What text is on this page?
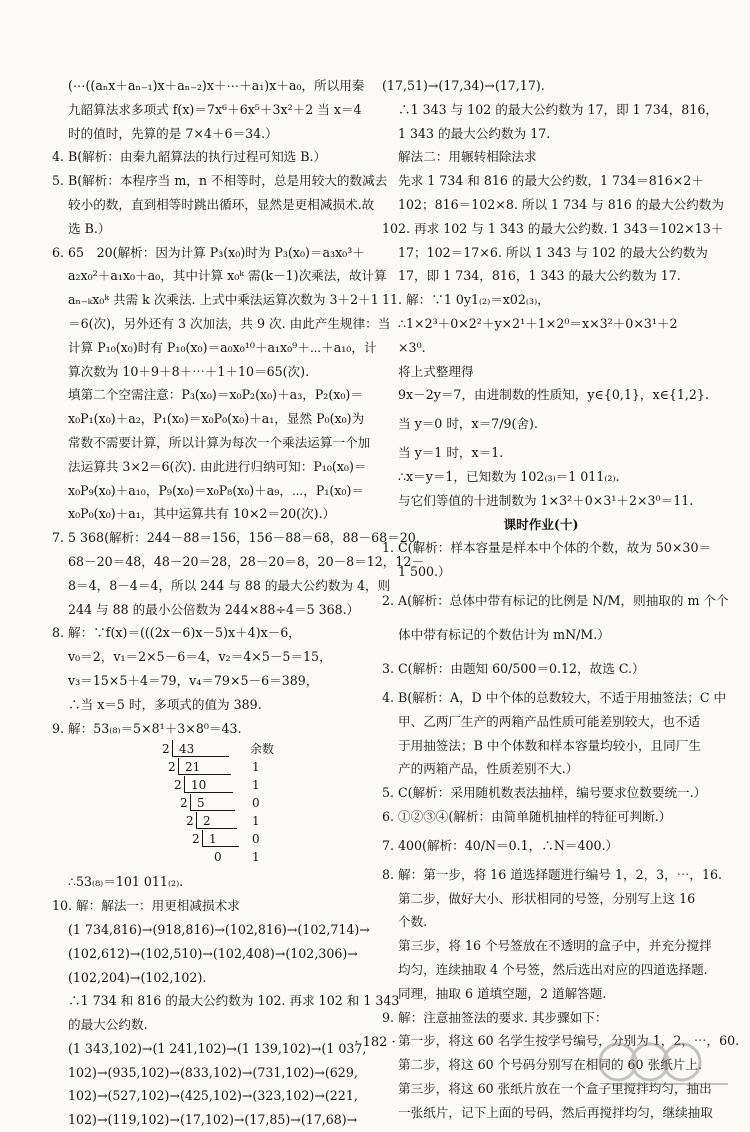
(⋯((aₙx＋aₙ₋₁)x＋aₙ₋₂)x＋⋯＋a₁)x＋a₀，所以用秦
九韶算法求多项式 f(x)＝7x⁶＋6x⁵＋3x²＋2 当 x＝4
时的值时，先算的是 7×4＋6＝34.）
4. B(解析：由秦九韶算法的执行过程可知选 B.）
5. B(解析：本程序当 m，n 不相等时，总是用较大的数减去
较小的数，直到相等时跳出循环，显然是更相减损术.故
选 B.）
6. 65　20(解析：因为计算 P₃(x₀)时为 P₃(x₀)＝a₃x₀³＋
a₂x₀²＋a₁x₀＋a₀，其中计算 x₀ᵏ 需(k－1)次乘法，故计算
aₙ₋ₖx₀ᵏ 共需 k 次乘法. 上式中乘法运算次数为 3＋2＋1
＝6(次)，另外还有 3 次加法，共 9 次. 由此产生规律：当
计算 P₁₀(x₀)时有 P₁₀(x₀)＝a₀x₀¹⁰＋a₁x₀⁹＋⋯＋a₁₀，计
算次数为 10＋9＋8＋⋯＋1＋10＝65(次).
填第二个空需注意：P₃(x₀)＝x₀P₂(x₀)＋a₃，P₂(x₀)＝
x₀P₁(x₀)＋a₂，P₁(x₀)＝x₀P₀(x₀)＋a₁，显然 P₀(x₀)为
常数不需要计算，所以计算为每次一个乘法运算一个加
法运算共 3×2＝6(次). 由此进行归纳可知：P₁₀(x₀)＝
x₀P₉(x₀)＋a₁₀，P₉(x₀)＝x₀P₈(x₀)＋a₉，⋯，P₁(x₀)＝
x₀P₀(x₀)＋a₁，其中运算共有 10×2＝20(次).）
7. 5 368(解析：244－88＝156，156－88＝68，88－68＝20，
68－20＝48，48－20＝28，28－20＝8，20－8＝12，12－
8＝4，8－4＝4，所以 244 与 88 的最大公约数为 4，则
244 与 88 的最小公倍数为 244×88÷4＝5 368.）
8. 解：∵f(x)＝(((2x－6)x－5)x＋4)x－6，
v₀＝2，v₁＝2×5－6＝4，v₂＝4×5－5＝15，
v₃＝15×5＋4＝79，v₄＝79×5－6＝389，
∴当 x＝5 时，多项式的值为 389.
9. 解：53₍₈₎＝5×8¹＋3×8⁰＝43.
余数
2 43
2 21	1
2 10	1
2 5	0
2 2	1
2 1	0
0	1
∴53₍₈₎＝101 011₍₂₎.
10. 解：解法一：用更相减损术求
(1 734,816)→(918,816)→(102,816)→(102,714)→
(102,612)→(102,510)→(102,408)→(102,306)→
(102,204)→(102,102).
∴1 734 和 816 的最大公约数为 102. 再求 102 和 1 343
的最大公约数.
(1 343,102)→(1 241,102)→(1 139,102)→(1 037,
102)→(935,102)→(833,102)→(731,102)→(629,
102)→(527,102)→(425,102)→(323,102)→(221,
102)→(119,102)→(17,102)→(17,85)→(17,68)→
(17,51)→(17,34)→(17,17).
∴1 343 与 102 的最大公约数为 17，即 1 734，816，
1 343 的最大公约数为 17.
解法二：用辗转相除法求
先求 1 734 和 816 的最大公约数，1 734＝816×2＋
102；816＝102×8. 所以 1 734 与 816 的最大公约数为
102. 再求 102 与 1 343 的最大公约数. 1 343＝102×13＋
17；102＝17×6. 所以 1 343 与 102 的最大公约数为
17，即 1 734，816，1 343 的最大公约数为 17.
11. 解：∵1 0y1₍₂₎＝x02₍₃₎，
∴1×2³＋0×2²＋y×2¹＋1×2⁰＝x×3²＋0×3¹＋2
×3⁰.
将上式整理得
9x－2y＝7，由进制数的性质知，y∈{0,1}，x∈{1,2}.
当 y＝0 时，x＝7/9(舍).
当 y＝1 时，x＝1.
∴x＝y＝1，已知数为 102₍₃₎＝1 011₍₂₎.
与它们等值的十进制数为 1×3²＋0×3¹＋2×3⁰＝11.
课时作业(十)
1. C(解析：样本容量是样本中个体的个数，故为 50×30＝
1 500.）
2. A(解析：总体中带有标记的比例是 N/M，则抽取的 m 个个
体中带有标记的个数估计为 mN/M.）
3. C(解析：由题知 60/500＝0.12，故选 C.）
4. B(解析：A，D 中个体的总数较大，不适于用抽签法；C 中
甲、乙两厂生产的两箱产品性质可能差别较大，也不适
于用抽签法；B 中个体数和样本容量均较小，且同厂生
产的两箱产品，性质差别不大.）
5. C(解析：采用随机数表法抽样，编号要求位数要统一.）
6. ①②③④(解析：由简单随机抽样的特征可判断.）
7. 400(解析：40/N＝0.1，∴N＝400.）
8. 解：第一步，将 16 道选择题进行编号 1，2，3，⋯，16.
第二步，做好大小、形状相同的号签，分别写上这 16
个数.
第三步，将 16 个号签放在不透明的盒子中，并充分搅拌
均匀，连续抽取 4 个号签，然后选出对应的四道选择题.
同理，抽取 6 道填空题，2 道解答题.
9. 解：注意抽签法的要求. 其步骤如下：
第一步，将这 60 名学生按学号编号，分别为 1，2，⋯，60.
第二步，将这 60 个号码分别写在相同的 60 张纸片上.
第三步，将这 60 张纸片放在一个盒子里搅拌均匀，抽出
一张纸片，记下上面的号码，然后再搅拌均匀，继续抽取
· 182 ·
